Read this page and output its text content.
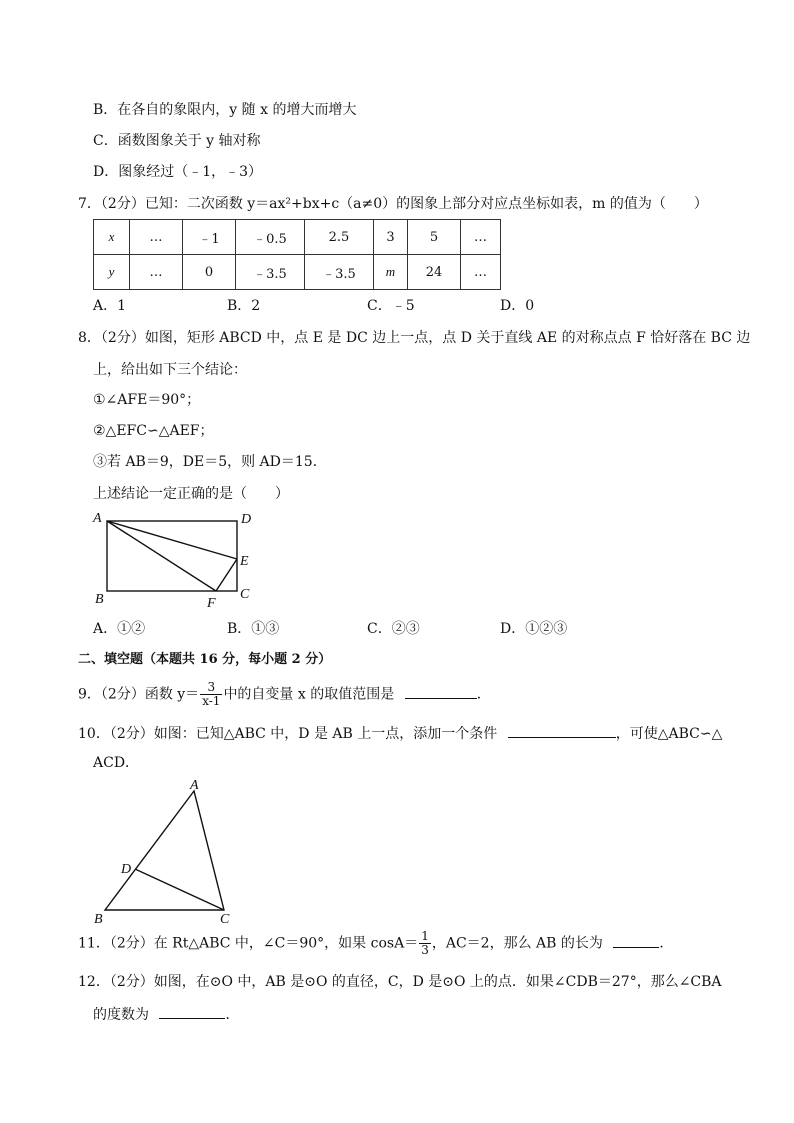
B．在各自的象限内，y 随 x 的增大而增大
C．函数图象关于 y 轴对称
D．图象经过（﹣1，﹣3）
7．（2分）已知：二次函数 y＝ax²+bx+c（a≠0）的图象上部分对应点坐标如表，m 的值为（　　）
x	…	﹣1	﹣0.5	2.5	3	5	…
y	…	0	﹣3.5	﹣3.5	m	24	…
A．1	B．2	C．﹣5	D．0
8．（2分）如图，矩形 ABCD 中，点 E 是 DC 边上一点，点 D 关于直线 AE 的对称点点 F 恰好落在 BC 边
上，给出如下三个结论：
①∠AFE＝90°；
②△EFC∽△AEF；
③若 AB＝9，DE＝5，则 AD＝15．
上述结论一定正确的是（　　）
A	D
E
C
B	F
A．①②	B．①③	C．②③	D．①②③
二、填空题（本题共 16 分，每小题 2 分）
9．（2分）函数 $y= \frac{3}{x-1}$ 中的自变量 x 的取值范围是	．
10．（2分）如图：已知△ABC 中，D 是 AB 上一点，添加一个条件	，可使△ABC∽△
ACD．
A
D
B	C
11．（2分）在 Rt△ABC 中，∠C＝90°，如果 $\cos A= \frac{1}{3}$ ，AC＝2，那么 AB 的长为	．
12．（2分）如图，在⊙O 中，AB 是⊙O 的直径，C，D 是⊙O 上的点．如果∠CDB＝27°，那么∠CBA
的度数为	．
